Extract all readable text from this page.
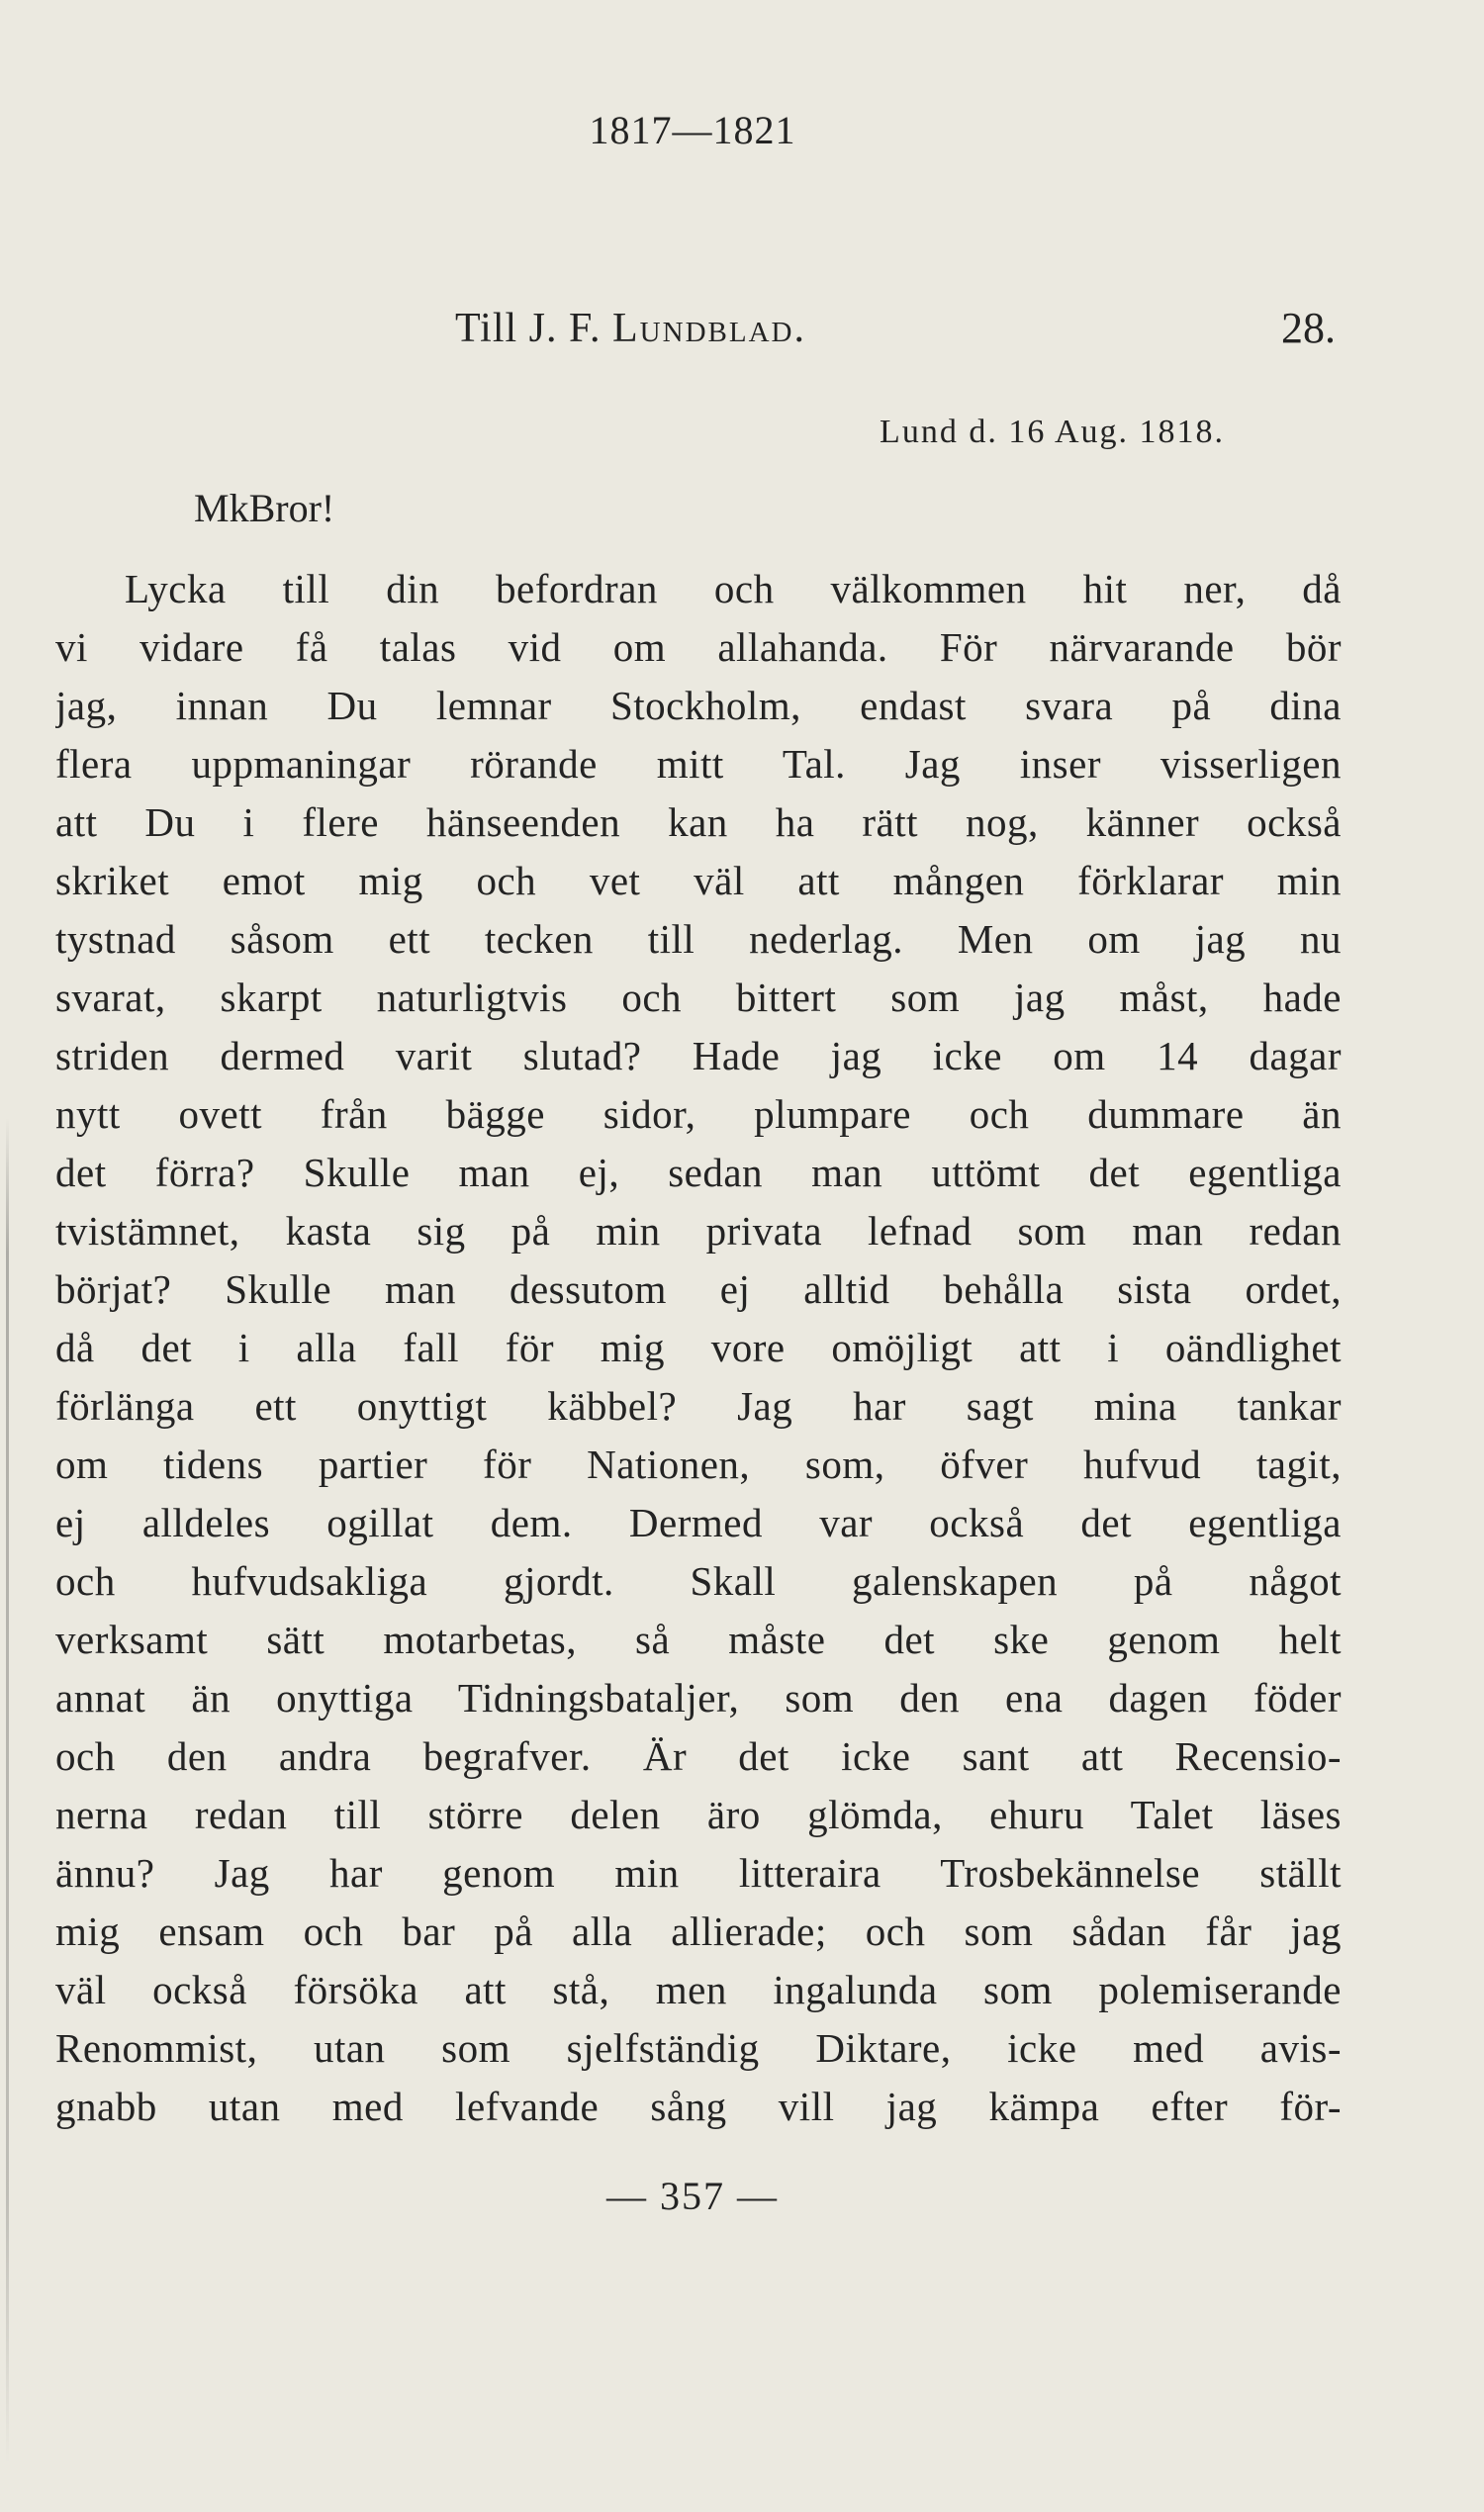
1817—1821
Till J. F. Lundblad.	28.
Lund d. 16 Aug. 1818.
MkBror!
Lycka till din befordran och välkommen hit ner, då
vi vidare få talas vid om allahanda. För närvarande bör
jag, innan Du lemnar Stockholm, endast svara på dina
flera uppmaningar rörande mitt Tal. Jag inser visserligen
att Du i flere hänseenden kan ha rätt nog, känner också
skriket emot mig och vet väl att mången förklarar min
tystnad såsom ett tecken till nederlag. Men om jag nu
svarat, skarpt naturligtvis och bittert som jag måst, hade
striden dermed varit slutad? Hade jag icke om 14 dagar
nytt ovett från bägge sidor, plumpare och dummare än
det förra? Skulle man ej, sedan man uttömt det egentliga
tvistämnet, kasta sig på min privata lefnad som man redan
börjat? Skulle man dessutom ej alltid behålla sista ordet,
då det i alla fall för mig vore omöjligt att i oändlighet
förlänga ett onyttigt käbbel? Jag har sagt mina tankar
om tidens partier för Nationen, som, öfver hufvud tagit,
ej alldeles ogillat dem. Dermed var också det egentliga
och hufvudsakliga gjordt. Skall galenskapen på något
verksamt sätt motarbetas, så måste det ske genom helt
annat än onyttiga Tidningsbataljer, som den ena dagen föder
och den andra begrafver. Är det icke sant att Recensio-
nerna redan till större delen äro glömda, ehuru Talet läses
ännu? Jag har genom min litteraira Trosbekännelse ställt
mig ensam och bar på alla allierade; och som sådan får jag
väl också försöka att stå, men ingalunda som polemiserande
Renommist, utan som sjelfständig Diktare, icke med avis-
gnabb utan med lefvande sång vill jag kämpa efter för-
— 357 —
